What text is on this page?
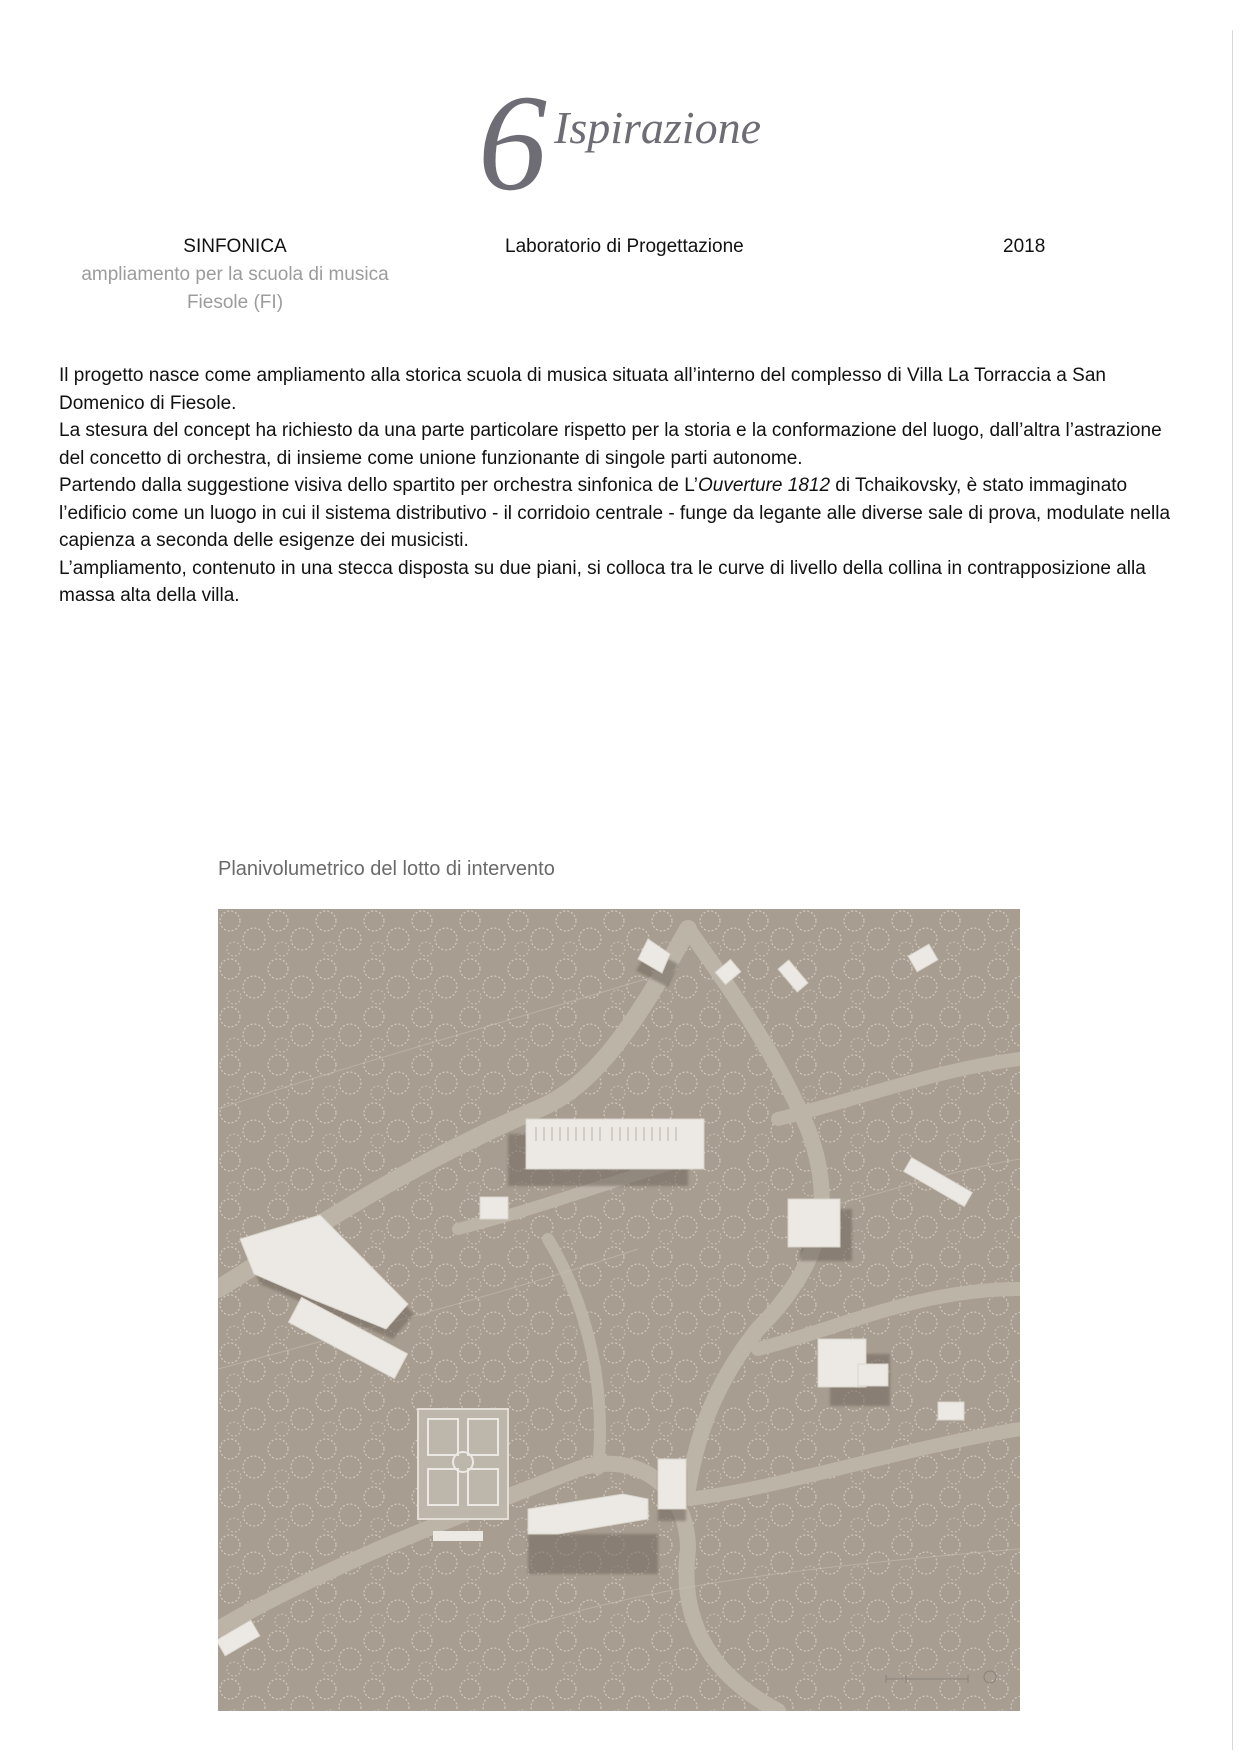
6 Ispirazione
SINFONICA
ampliamento per la scuola di musica
Fiesole (FI)
Laboratorio di Progettazione	2018

Il progetto nasce come ampliamento alla storica scuola di musica situata all’interno del complesso di Villa La Torraccia a San Domenico di Fiesole.

La stesura del concept ha richiesto da una parte particolare rispetto per la storia e la conformazione del luogo, dall’altra l’astrazione del concetto di orchestra, di insieme come unione funzionante di singole parti autonome.

Partendo dalla suggestione visiva dello spartito per orchestra sinfonica de L’Ouverture 1812 di Tchaikovsky, è stato immaginato l’edificio come un luogo in cui il sistema distributivo - il corridoio centrale - funge da legante alle diverse sale di prova, modulate nella capienza a seconda delle esigenze dei musicisti.

L’ampliamento, contenuto in una stecca disposta su due piani, si colloca tra le curve di livello della collina in contrapposizione alla massa alta della villa.

Planivolumetrico del lotto di intervento
